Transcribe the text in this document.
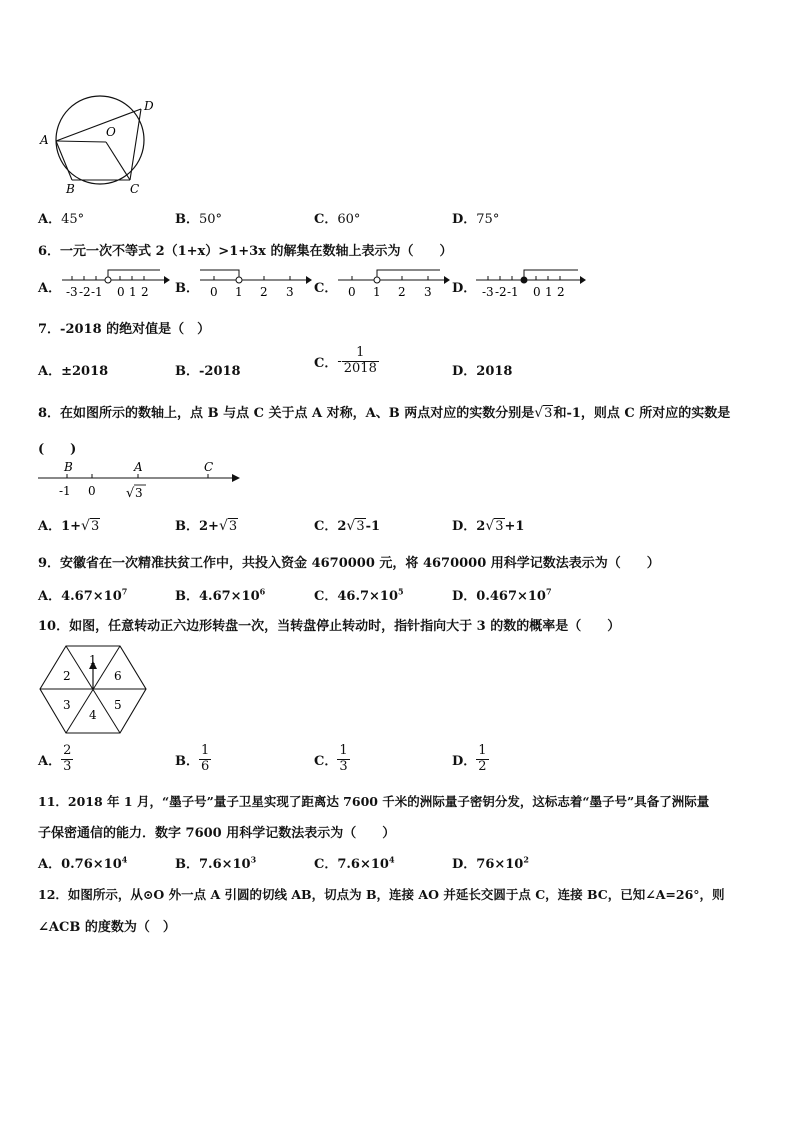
A
D
O
B	C
A．45°	B．50°	C．60°	D．75°
6．一元一次不等式 2（1+x）>1+3x 的解集在数轴上表示为（　　）
A． -3 -2 -1 0 1 2 B． 0 1 2 3 C． 0 1 2 3 D． -3 -2 -1 0 1 2
7．-2018 的绝对值是（　）
A．±2018	B．-2018
C．- $\frac{1}{2018}$	D．2018
8．在如图所示的数轴上，点 B 与点 C 关于点 A 对称，A、B 两点对应的实数分别是√3和-1，则点 C 所对应的实数是
(　　)
B	A	C
-1 0 √ 3
A．1+√3	B．2+√3	C．2√3-1	D．2√3+1
9．安徽省在一次精准扶贫工作中，共投入资金 4670000 元，将 4670000 用科学记数法表示为（　　）
A．$4.67\times 10^7$	B．$4.67\times 10^6$	C．$46.7\times 10^5$	D．$0.467\times 10^7$
10．如图，任意转动正六边形转盘一次，当转盘停止转动时，指针指向大于 3 的数的概率是（　　）
1
6
5
4
3
2
A． $\frac{2}{3}$	B． $\frac{1}{6}$	C． $\frac{1}{3}$	D． $\frac{1}{2}$
11．2018 年 1 月，“墨子号”量子卫星实现了距离达 7600 千米的洲际量子密钥分发，这标志着“墨子号”具备了洲际量
子保密通信的能力．数字 7600 用科学记数法表示为（　　）
A．$0.76\times 10^4$	B．$7.6\times 10^3$	C．$7.6\times 10^4$	D．$76\times 10^2$
12．如图所示，从⊙O 外一点 A 引圆的切线 AB，切点为 B，连接 AO 并延长交圆于点 C，连接 BC，已知∠A=26°，则
∠ACB 的度数为（　）
